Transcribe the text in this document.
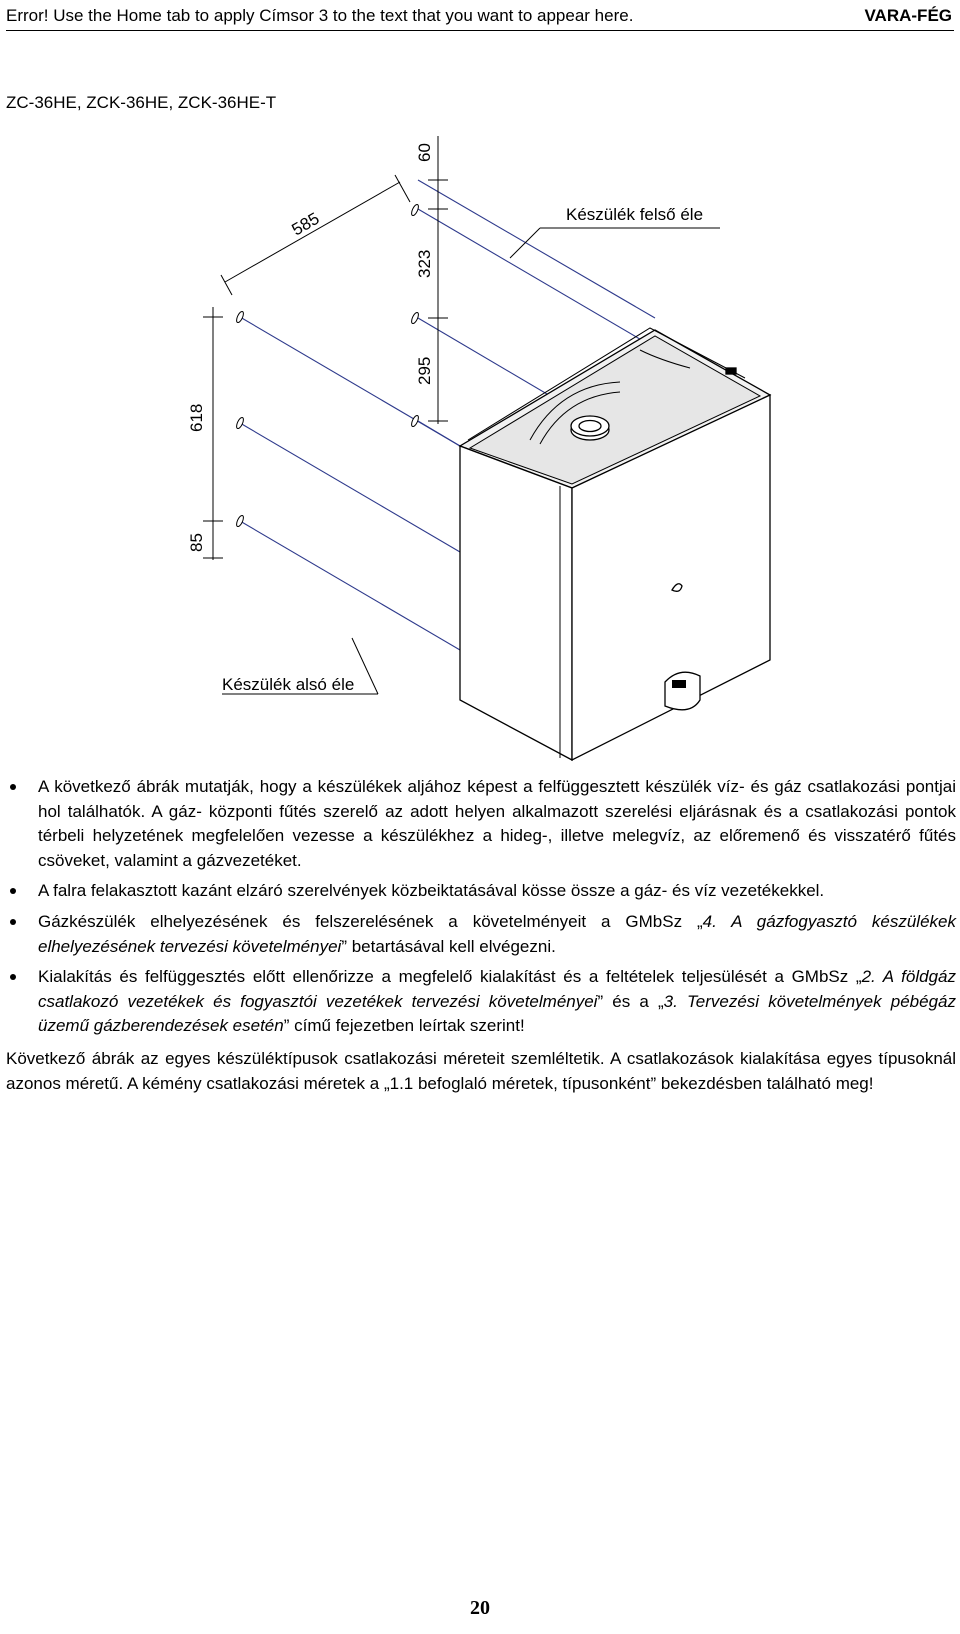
Error! Use the Home tab to apply Címsor 3 to the text that you want to appear here.	VARA-FÉG
ZC-36HE, ZCK-36HE, ZCK-36HE-T
60
585
323
295
618
85
Készülék felső éle
Készülék alsó éle
A következő ábrák mutatják, hogy a készülékek aljához képest a felfüggesztett készülék víz- és gáz csatlakozási pontjai hol találhatók. A gáz- központi fűtés szerelő az adott helyen alkalmazott szerelési eljárásnak és a csatlakozási pontok térbeli helyzetének megfelelően vezesse a készülékhez a hideg-, illetve melegvíz, az előremenő és visszatérő fűtés csöveket, valamint a gázvezetéket.
A falra felakasztott kazánt elzáró szerelvények közbeiktatásával kösse össze a gáz- és víz vezetékekkel.
Gázkészülék elhelyezésének és felszerelésének a követelményeit a GMbSz „4. A gázfogyasztó készülékek elhelyezésének tervezési követelményei” betartásával kell elvégezni.
Kialakítás és felfüggesztés előtt ellenőrizze a megfelelő kialakítást és a feltételek teljesülését a GMbSz „2. A földgáz csatlakozó vezetékek és fogyasztói vezetékek tervezési követelményei” és a „3. Tervezési követelmények pébégáz üzemű gázberendezések esetén” című fejezetben leírtak szerint!

Következő ábrák az egyes készüléktípusok csatlakozási méreteit szemléltetik. A csatlakozások kialakítása egyes típusoknál azonos méretű. A kémény csatlakozási méretek a „1.1 befoglaló méretek, típusonként” bekezdésben található meg!

20
